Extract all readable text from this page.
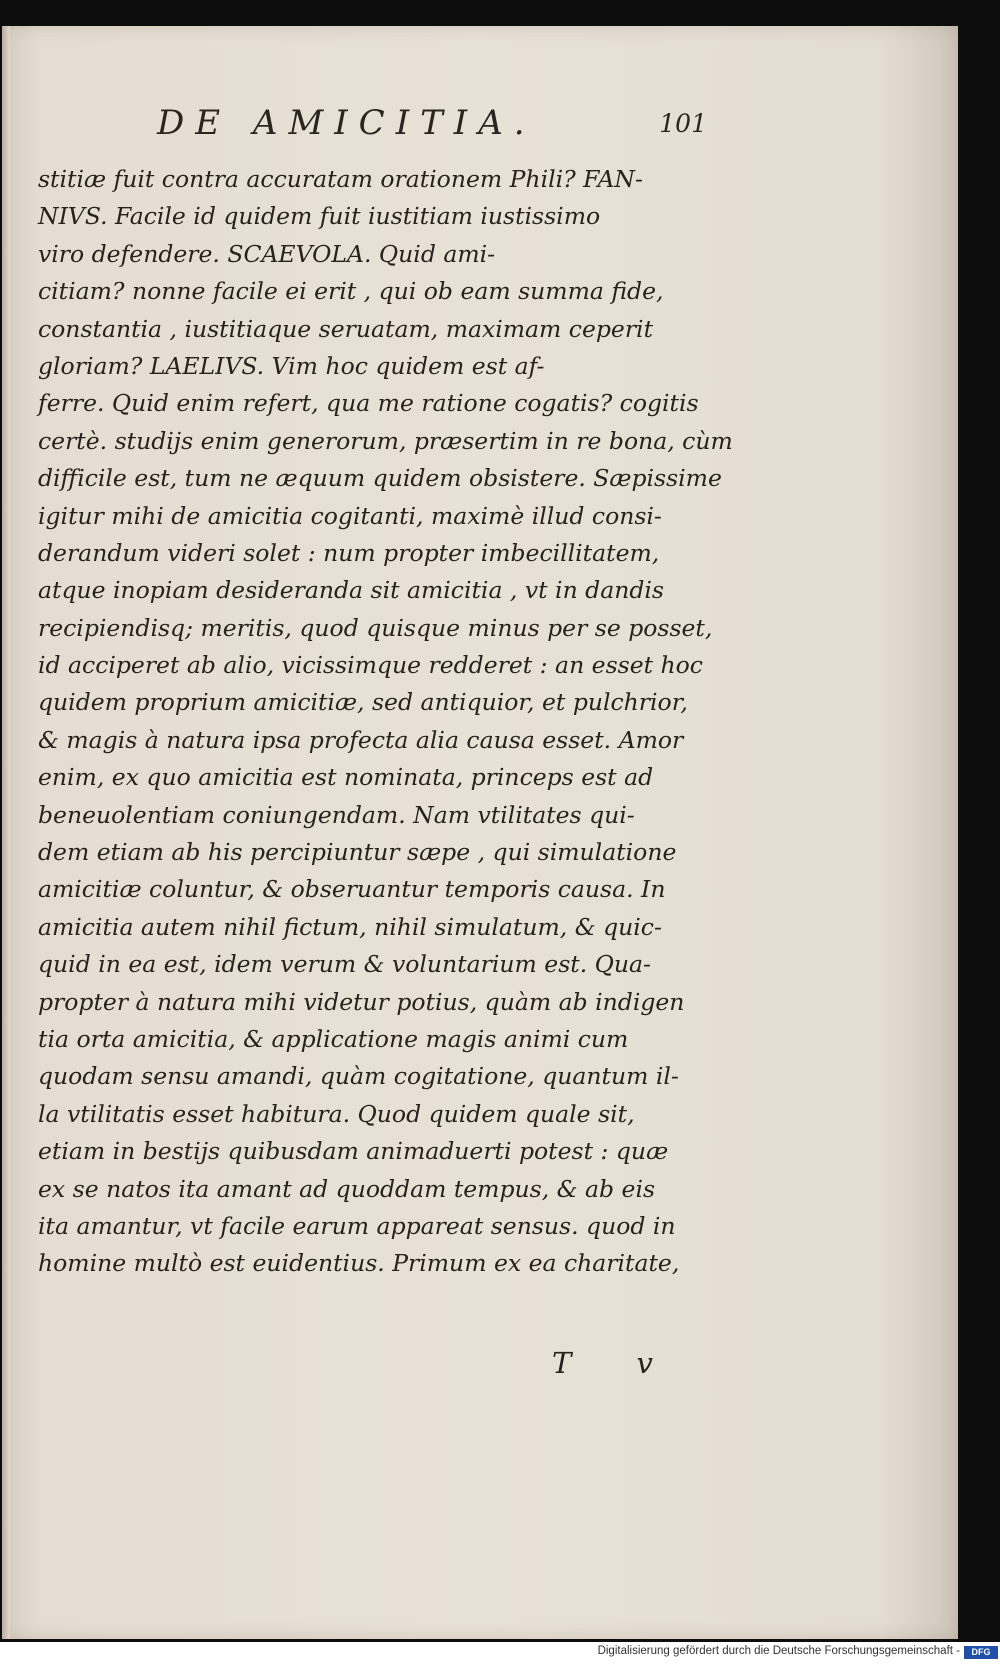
DE AMICITIA.	101
stitiæ fuit contra accuratam orationem Phili? FAN-
NIVS. Facile id quidem fuit iustitiam iustissimo
viro defendere. SCAEVOLA. Quid ami-
citiam? nonne facile ei erit , qui ob eam summa fide,
constantia , iustitiaque seruatam, maximam ceperit
gloriam? LAELIVS. Vim hoc quidem est af-
ferre. Quid enim refert, qua me ratione cogatis? cogitis
certè. studijs enim generorum, præsertim in re bona, cùm
difficile est, tum ne æquum quidem obsistere. Sæpissime
igitur mihi de amicitia cogitanti, maximè illud consi-
derandum videri solet : num propter imbecillitatem,
atque inopiam desideranda sit amicitia , vt in dandis
recipiendisq; meritis, quod quisque minus per se posset,
id acciperet ab alio, vicissimque redderet : an esset hoc
quidem proprium amicitiæ, sed antiquior, et pulchrior,
& magis à natura ipsa profecta alia causa esset. Amor
enim, ex quo amicitia est nominata, princeps est ad
beneuolentiam coniungendam. Nam vtilitates qui-
dem etiam ab his percipiuntur sæpe , qui simulatione
amicitiæ coluntur, & obseruantur temporis causa. In
amicitia autem nihil fictum, nihil simulatum, & quic-
quid in ea est, idem verum & voluntarium est. Qua-
propter à natura mihi videtur potius, quàm ab indigen
tia orta amicitia, & applicatione magis animi cum
quodam sensu amandi, quàm cogitatione, quantum il-
la vtilitatis esset habitura. Quod quidem quale sit,
etiam in bestijs quibusdam animaduerti potest : quæ
ex se natos ita amant ad quoddam tempus, & ab eis
ita amantur, vt facile earum appareat sensus. quod in
homine multò est euidentius. Primum ex ea charitate,
T v
Digitalisierung gefördert durch die Deutsche Forschungsgemeinschaft -	DFG
